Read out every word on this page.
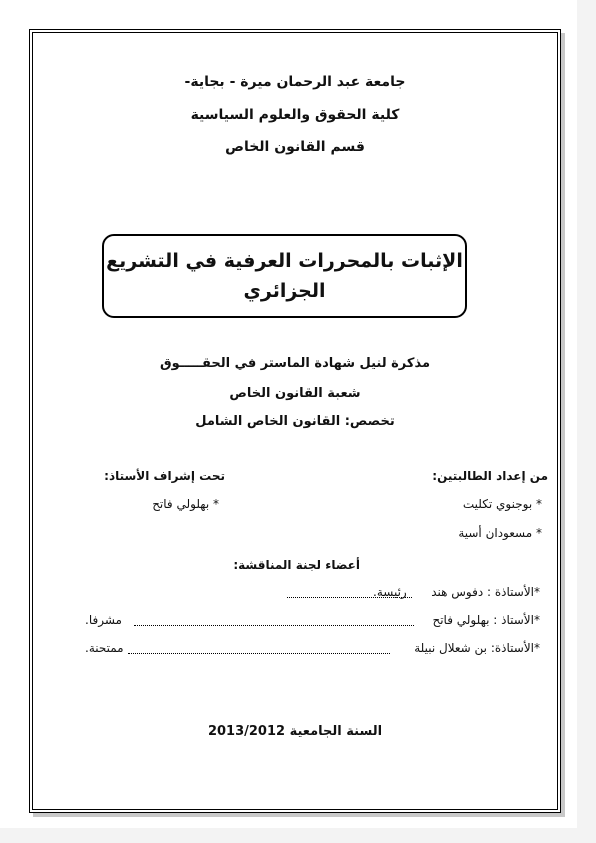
جامعة عبد الرحمان ميرة - بجاية-
كلية الحقوق والعلوم السياسية
قسم القانون الخاص
الإثبات بالمحررات العرفية في التشريع
الجزائري
مذكرة لنيل شهادة الماستر في الحقـــــوق
شعبة القانون الخاص
تخصص: القانون الخاص الشامل
من إعداد الطالبتين:
* بوجنوي تكليت
* مسعودان أسية
تحت إشراف الأستاذ:
* بهلولي فاتح
أعضاء لجنة المناقشة:
*الأستاذة : دفوس هند
رئيسة.
*الأستاذ : بهلولي فاتح
مشرفا.
*الأستاذة: بن شعلال نبيلة
ممتحنة.
السنة الجامعية 2013/2012
